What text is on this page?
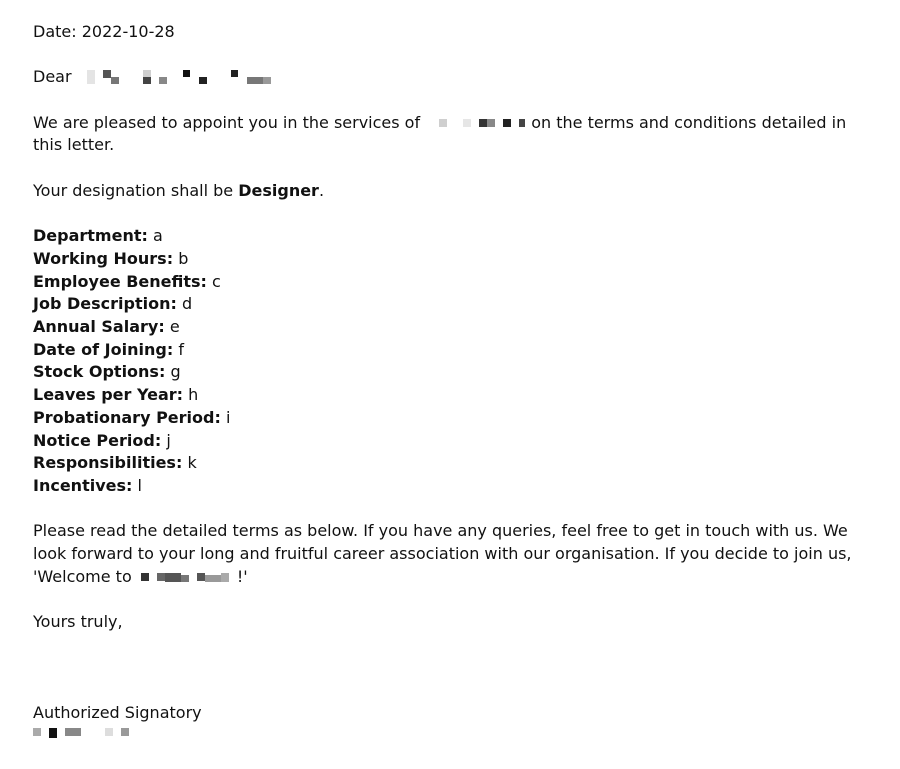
Date: 2022-10-28

Dear

We are pleased to appoint you in the services of	on the terms and conditions detailed in this letter.

Your designation shall be Designer.

Department: a

Working Hours: b

Employee Benefits: c

Job Description: d

Annual Salary: e

Date of Joining: f

Stock Options: g

Leaves per Year: h

Probationary Period: i

Notice Period: j

Responsibilities: k

Incentives: l

Please read the detailed terms as below. If you have any queries, feel free to get in touch with us. We look forward to your long and fruitful career association with our organisation. If you decide to join us, 'Welcome to	!'

Yours truly,

Authorized Signatory
